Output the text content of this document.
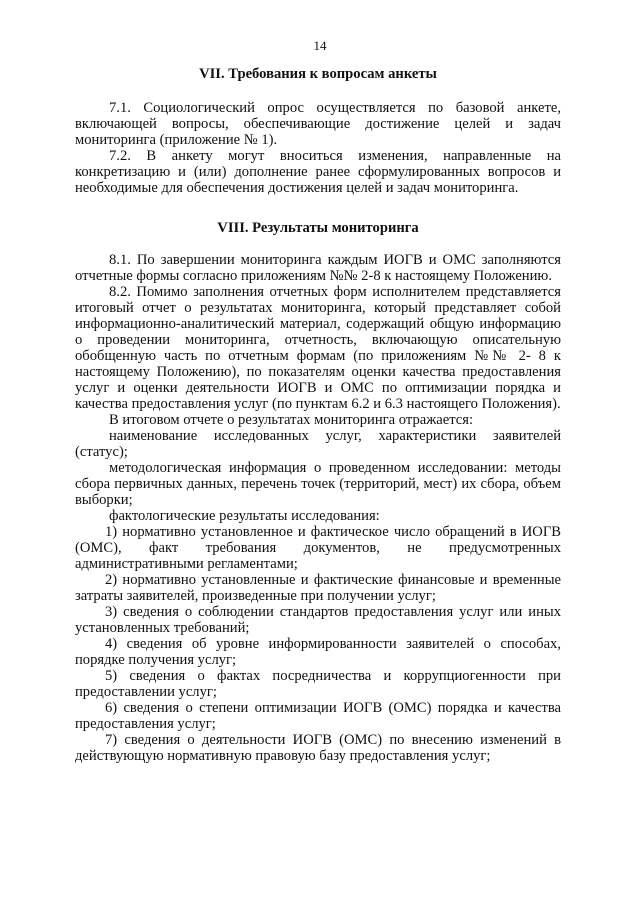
14
VII. Требования к вопросам анкеты

7.1. Социологический опрос осуществляется по базовой анкете, включающей вопросы, обеспечивающие достижение целей и задач мониторинга (приложение № 1).

7.2. В анкету могут вноситься изменения, направленные на конкретизацию и (или) дополнение ранее сформулированных вопросов и необходимые для обеспечения достижения целей и задач мониторинга.

VIII. Результаты мониторинга

8.1. По завершении мониторинга каждым ИОГВ и ОМС заполняются отчетные формы согласно приложениям №№ 2-8 к настоящему Положению.

8.2. Помимо заполнения отчетных форм исполнителем представляется итоговый отчет о результатах мониторинга, который представляет собой информационно-аналитический материал, содержащий общую информацию о проведении мониторинга, отчетность, включающую описательную обобщенную часть по отчетным формам (по приложениям №№ 2- 8 к настоящему Положению), по показателям оценки качества предоставления услуг и оценки деятельности ИОГВ и ОМС по оптимизации порядка и качества предоставления услуг (по пунктам 6.2 и 6.3 настоящего Положения).

В итоговом отчете о результатах мониторинга отражается:

наименование исследованных услуг, характеристики заявителей (статус);

методологическая информация о проведенном исследовании: методы сбора первичных данных, перечень точек (территорий, мест) их сбора, объем выборки;

фактологические результаты исследования:

1) нормативно установленное и фактическое число обращений в ИОГВ (ОМС), факт требования документов, не предусмотренных административными регламентами;

2) нормативно установленные и фактические финансовые и временные затраты заявителей, произведенные при получении услуг;

3) сведения о соблюдении стандартов предоставления услуг или иных установленных требований;

4) сведения об уровне информированности заявителей о способах, порядке получения услуг;

5) сведения о фактах посредничества и коррупциогенности при предоставлении услуг;

6) сведения о степени оптимизации ИОГВ (ОМС) порядка и качества предоставления услуг;

7) сведения о деятельности ИОГВ (ОМС) по внесению изменений в действующую нормативную правовую базу предоставления услуг;
